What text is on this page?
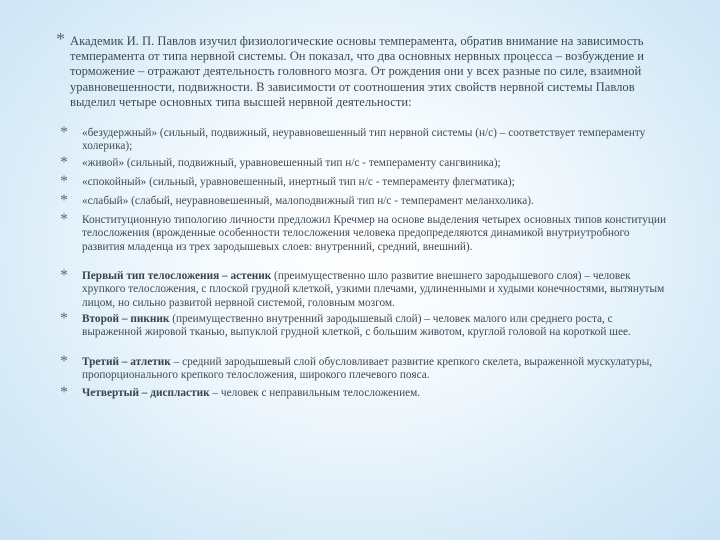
* Академик И. П. Павлов изучил физиологические основы темперамента, обратив внимание на зависимость темперамента от типа нервной системы. Он показал, что два основных нервных процесса – возбуждение и торможение – отражают деятельность головного мозга. От рождения они у всех разные по силе, взаимной уравновешенности, подвижности. В зависимости от соотношения этих свойств нервной системы Павлов выделил четыре основных типа высшей нервной деятельности:
* «безудержный» (сильный, подвижный, неуравновешенный тип нервной системы (н/с) – соответствует темпераменту холерика);
* «живой» (сильный, подвижный, уравновешенный тип н/с - темпераменту сангвиника);
* «спокойный» (сильный, уравновешенный, инертный тип н/с - темпераменту флегматика);
* «слабый» (слабый, неуравновешенный, малоподвижный тип н/с - темперамент меланхолика).
* Конституционную типологию личности предложил Кречмер на основе выделения четырех основных типов конституции телосложения (врожденные особенности телосложения человека предопределяются динамикой внутриутробного развития младенца из трех зародышевых слоев: внутренний, средний, внешний).
* Первый тип телосложения – астеник (преимущественно шло развитие внешнего зародышевого слоя) – человек хрупкого телосложения, с плоской грудной клеткой, узкими плечами, удлиненными и худыми конечностями, вытянутым лицом, но сильно развитой нервной системой, головным мозгом.
* Второй – пикник (преимущественно внутренний зародышевый слой) – человек малого или среднего роста, с выраженной жировой тканью, выпуклой грудной клеткой, с большим животом, круглой головой на короткой шее.
* Третий – атлетик – средний зародышевый слой обусловливает развитие крепкого скелета, выраженной мускулатуры, пропорционального крепкого телосложения, широкого плечевого пояса.
* Четвертый – диспластик – человек с неправильным телосложением.
